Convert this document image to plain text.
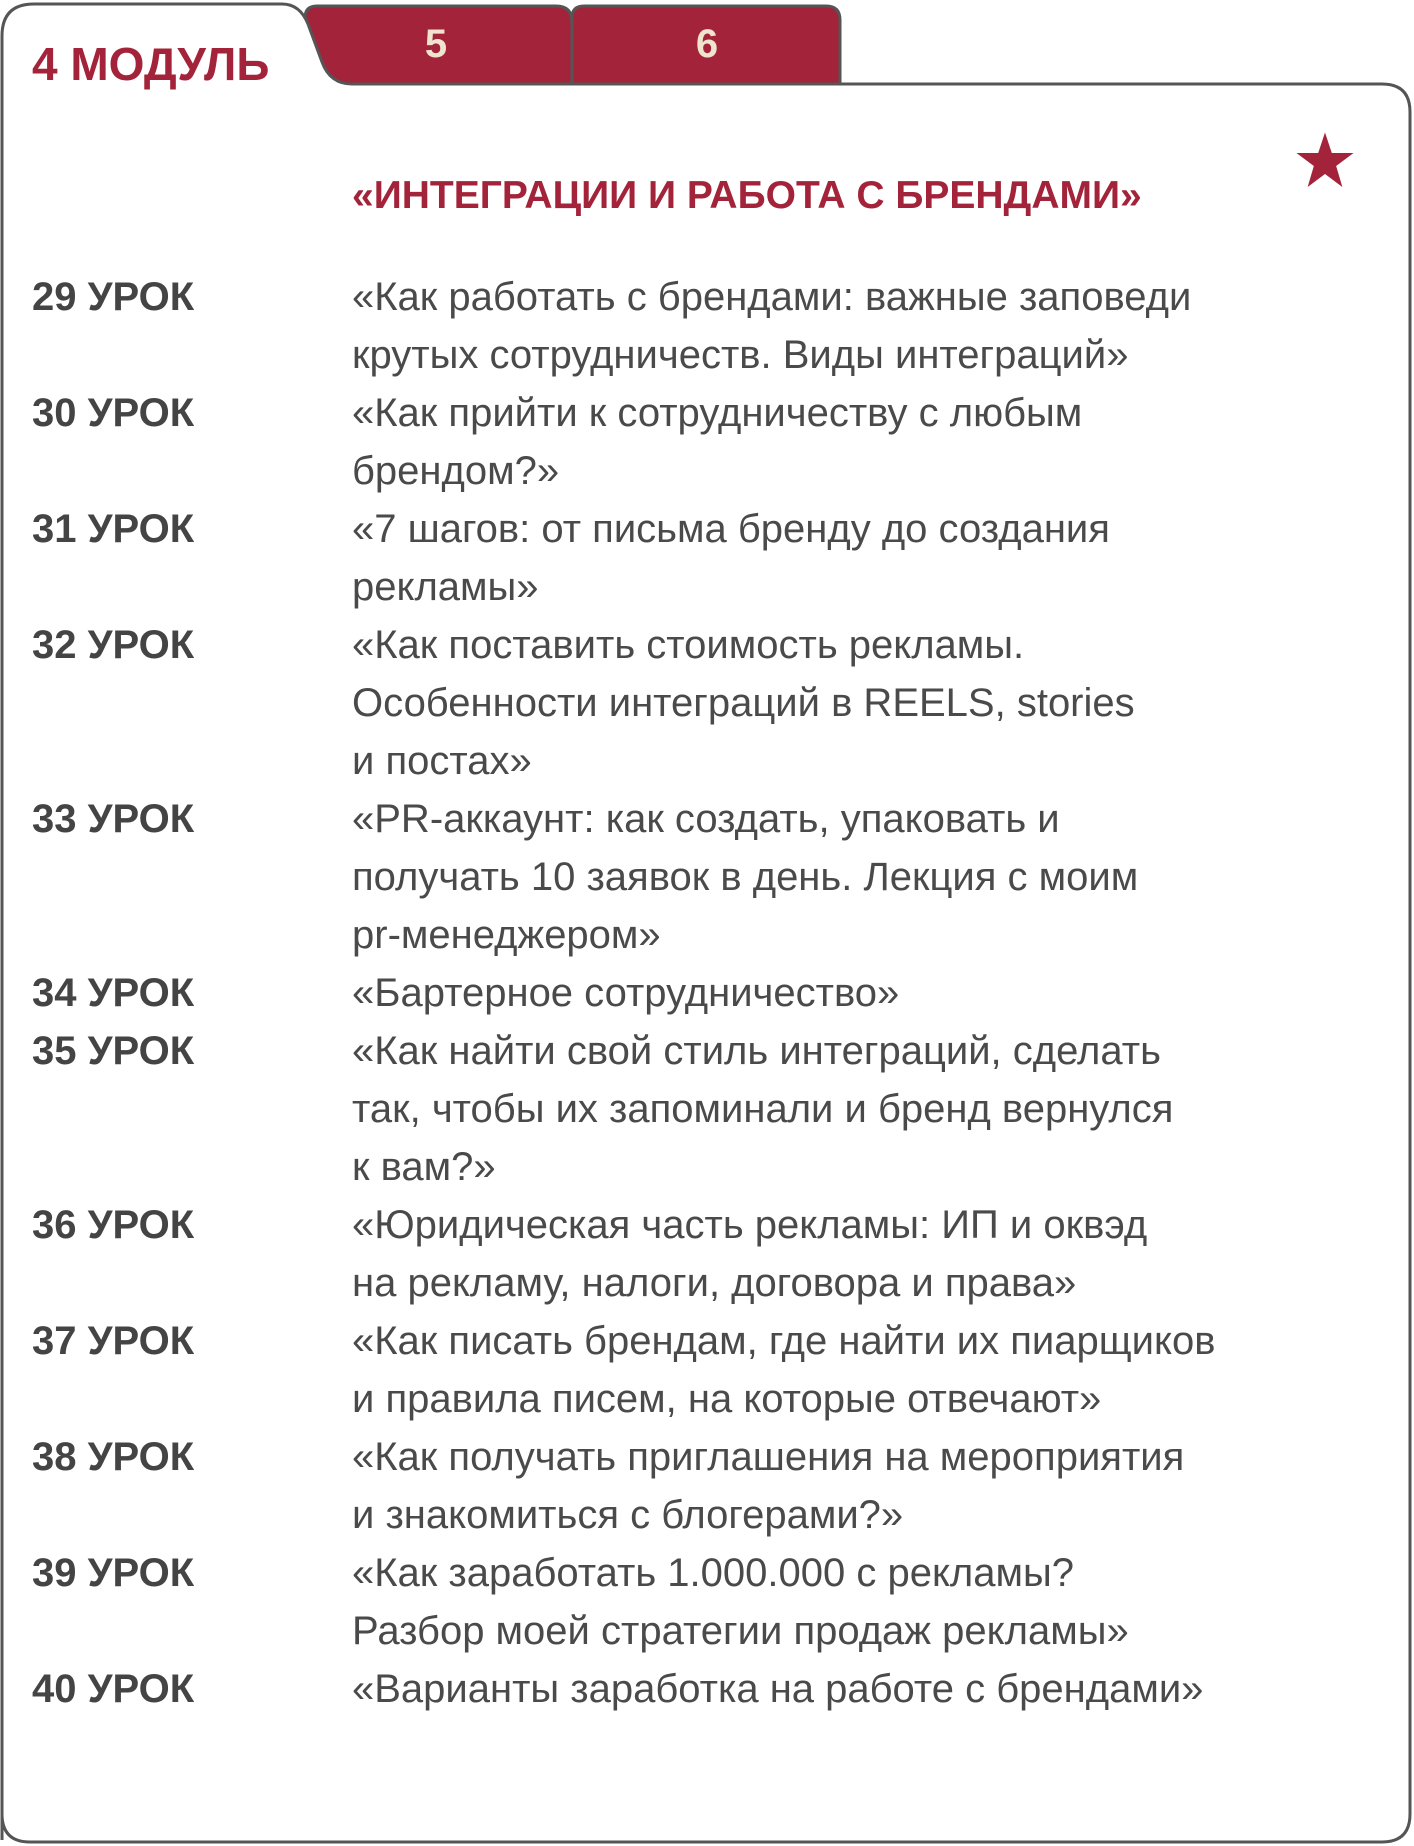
4 МОДУЛЬ	5	6
«ИНТЕГРАЦИИ И РАБОТА С БРЕНДАМИ»
29 УРОК	«Как работать с брендами: важные заповеди
крутых сотрудничеств. Виды интеграций»
30 УРОК	«Как прийти к сотрудничеству с любым
брендом?»
31 УРОК	«7 шагов: от письма бренду до создания
рекламы»
32 УРОК	«Как поставить стоимость рекламы.
Особенности интеграций в REELS, stories
и постах»
33 УРОК	«PR-аккаунт: как создать, упаковать и
получать 10 заявок в день. Лекция с моим
pr-менеджером»
34 УРОК	«Бартерное сотрудничество»
35 УРОК	«Как найти свой стиль интеграций, сделать
так, чтобы их запоминали и бренд вернулся
к вам?»
36 УРОК	«Юридическая часть рекламы: ИП и оквэд
на рекламу, налоги, договора и права»
37 УРОК	«Как писать брендам, где найти их пиарщиков
и правила писем, на которые отвечают»
38 УРОК	«Как получать приглашения на мероприятия
и знакомиться с блогерами?»
39 УРОК	«Как заработать 1.000.000 с рекламы?
Разбор моей стратегии продаж рекламы»
40 УРОК	«Варианты заработка на работе с брендами»
